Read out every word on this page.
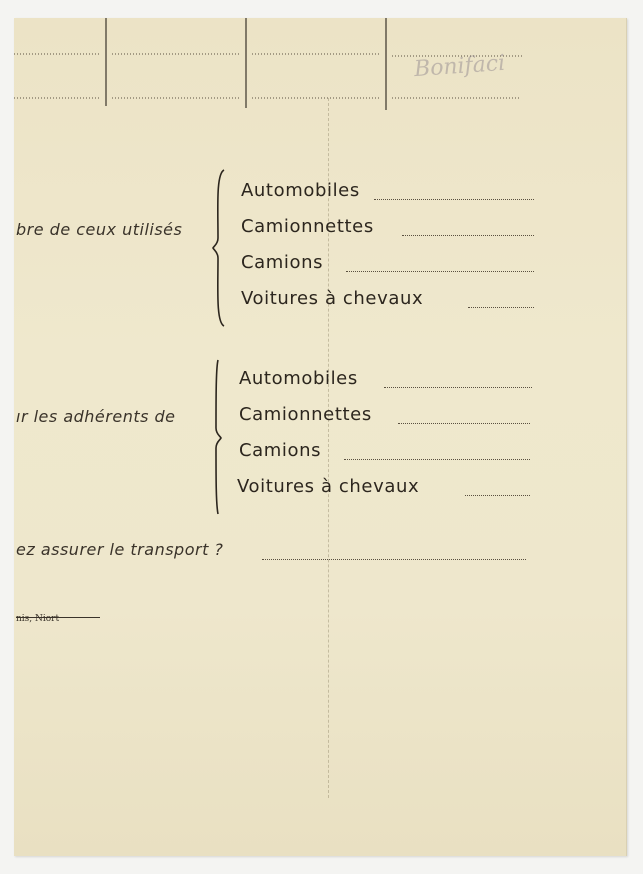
​
Bonifaci
bre de ceux utilisés
Automobiles
Camionnettes
Camions
Voitures à chevaux
ır les adhérents de
Automobiles
Camionnettes
Camions
Voitures à chevaux
ez assurer le transport ?
nis, Niort
